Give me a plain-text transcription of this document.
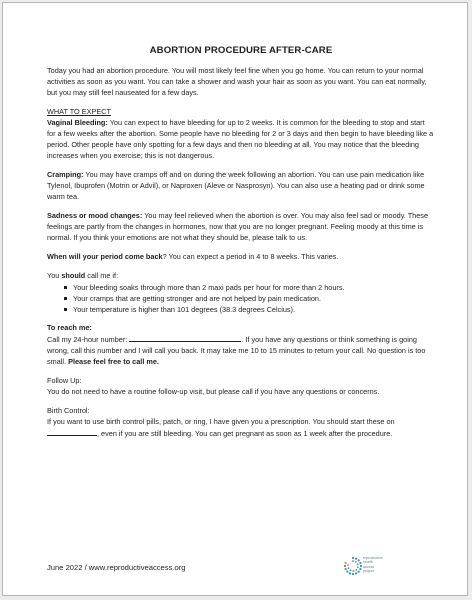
ABORTION PROCEDURE AFTER-CARE

Today you had an abortion procedure. You will most likely feel fine when you go home. You can return to your normal activities as soon as you want. You can take a shower and wash your hair as soon as you want. You can eat normally, but you may still feel nauseated for a few days.

WHAT TO EXPECT

Vaginal Bleeding: You can expect to have bleeding for up to 2 weeks. It is common for the bleeding to stop and start for a few weeks after the abortion. Some people have no bleeding for 2 or 3 days and then begin to have bleeding like a period. Other people have only spotting for a few days and then no bleeding at all. You may notice that the bleeding increases when you exercise; this is not dangerous.

Cramping: You may have cramps off and on during the week following an abortion. You can use pain medication like Tylenol, Ibuprofen (Motrin or Advil), or Naproxen (Aleve or Nasprosyn). You can also use a heating pad or drink some warm tea.

Sadness or mood changes: You may feel relieved when the abortion is over. You may also feel sad or moody. These feelings are partly from the changes in hormones, now that you are no longer pregnant. Feeling moody at this time is normal. If you think your emotions are not what they should be, please talk to us.

When will your period come back? You can expect a period in 4 to 8 weeks. This varies.

You should call me if:

Your bleeding soaks through more than 2 maxi pads per hour for more than 2 hours.
Your cramps that are getting stronger and are not helped by pain medication.
Your temperature is higher than 101 degrees (38.3 degrees Celcius).

To reach me:

Call my 24-hour number:	. If you have any questions or think something is going wrong, call this number and I will call you back. It may take me 10 to 15 minutes to return your call. No question is too small. Please feel free to call me.

Follow Up:

You do not need to have a routine follow-up visit, but please call if you have any questions or concerns.

Birth Control:

If you want to use birth control pills, patch, or ring, I have given you a prescription. You should start these on , even if you are still bleeding. You can get pregnant as soon as 1 week after the procedure.

June 2022 / www.reproductiveaccess.org
reproductive
health
access
project
